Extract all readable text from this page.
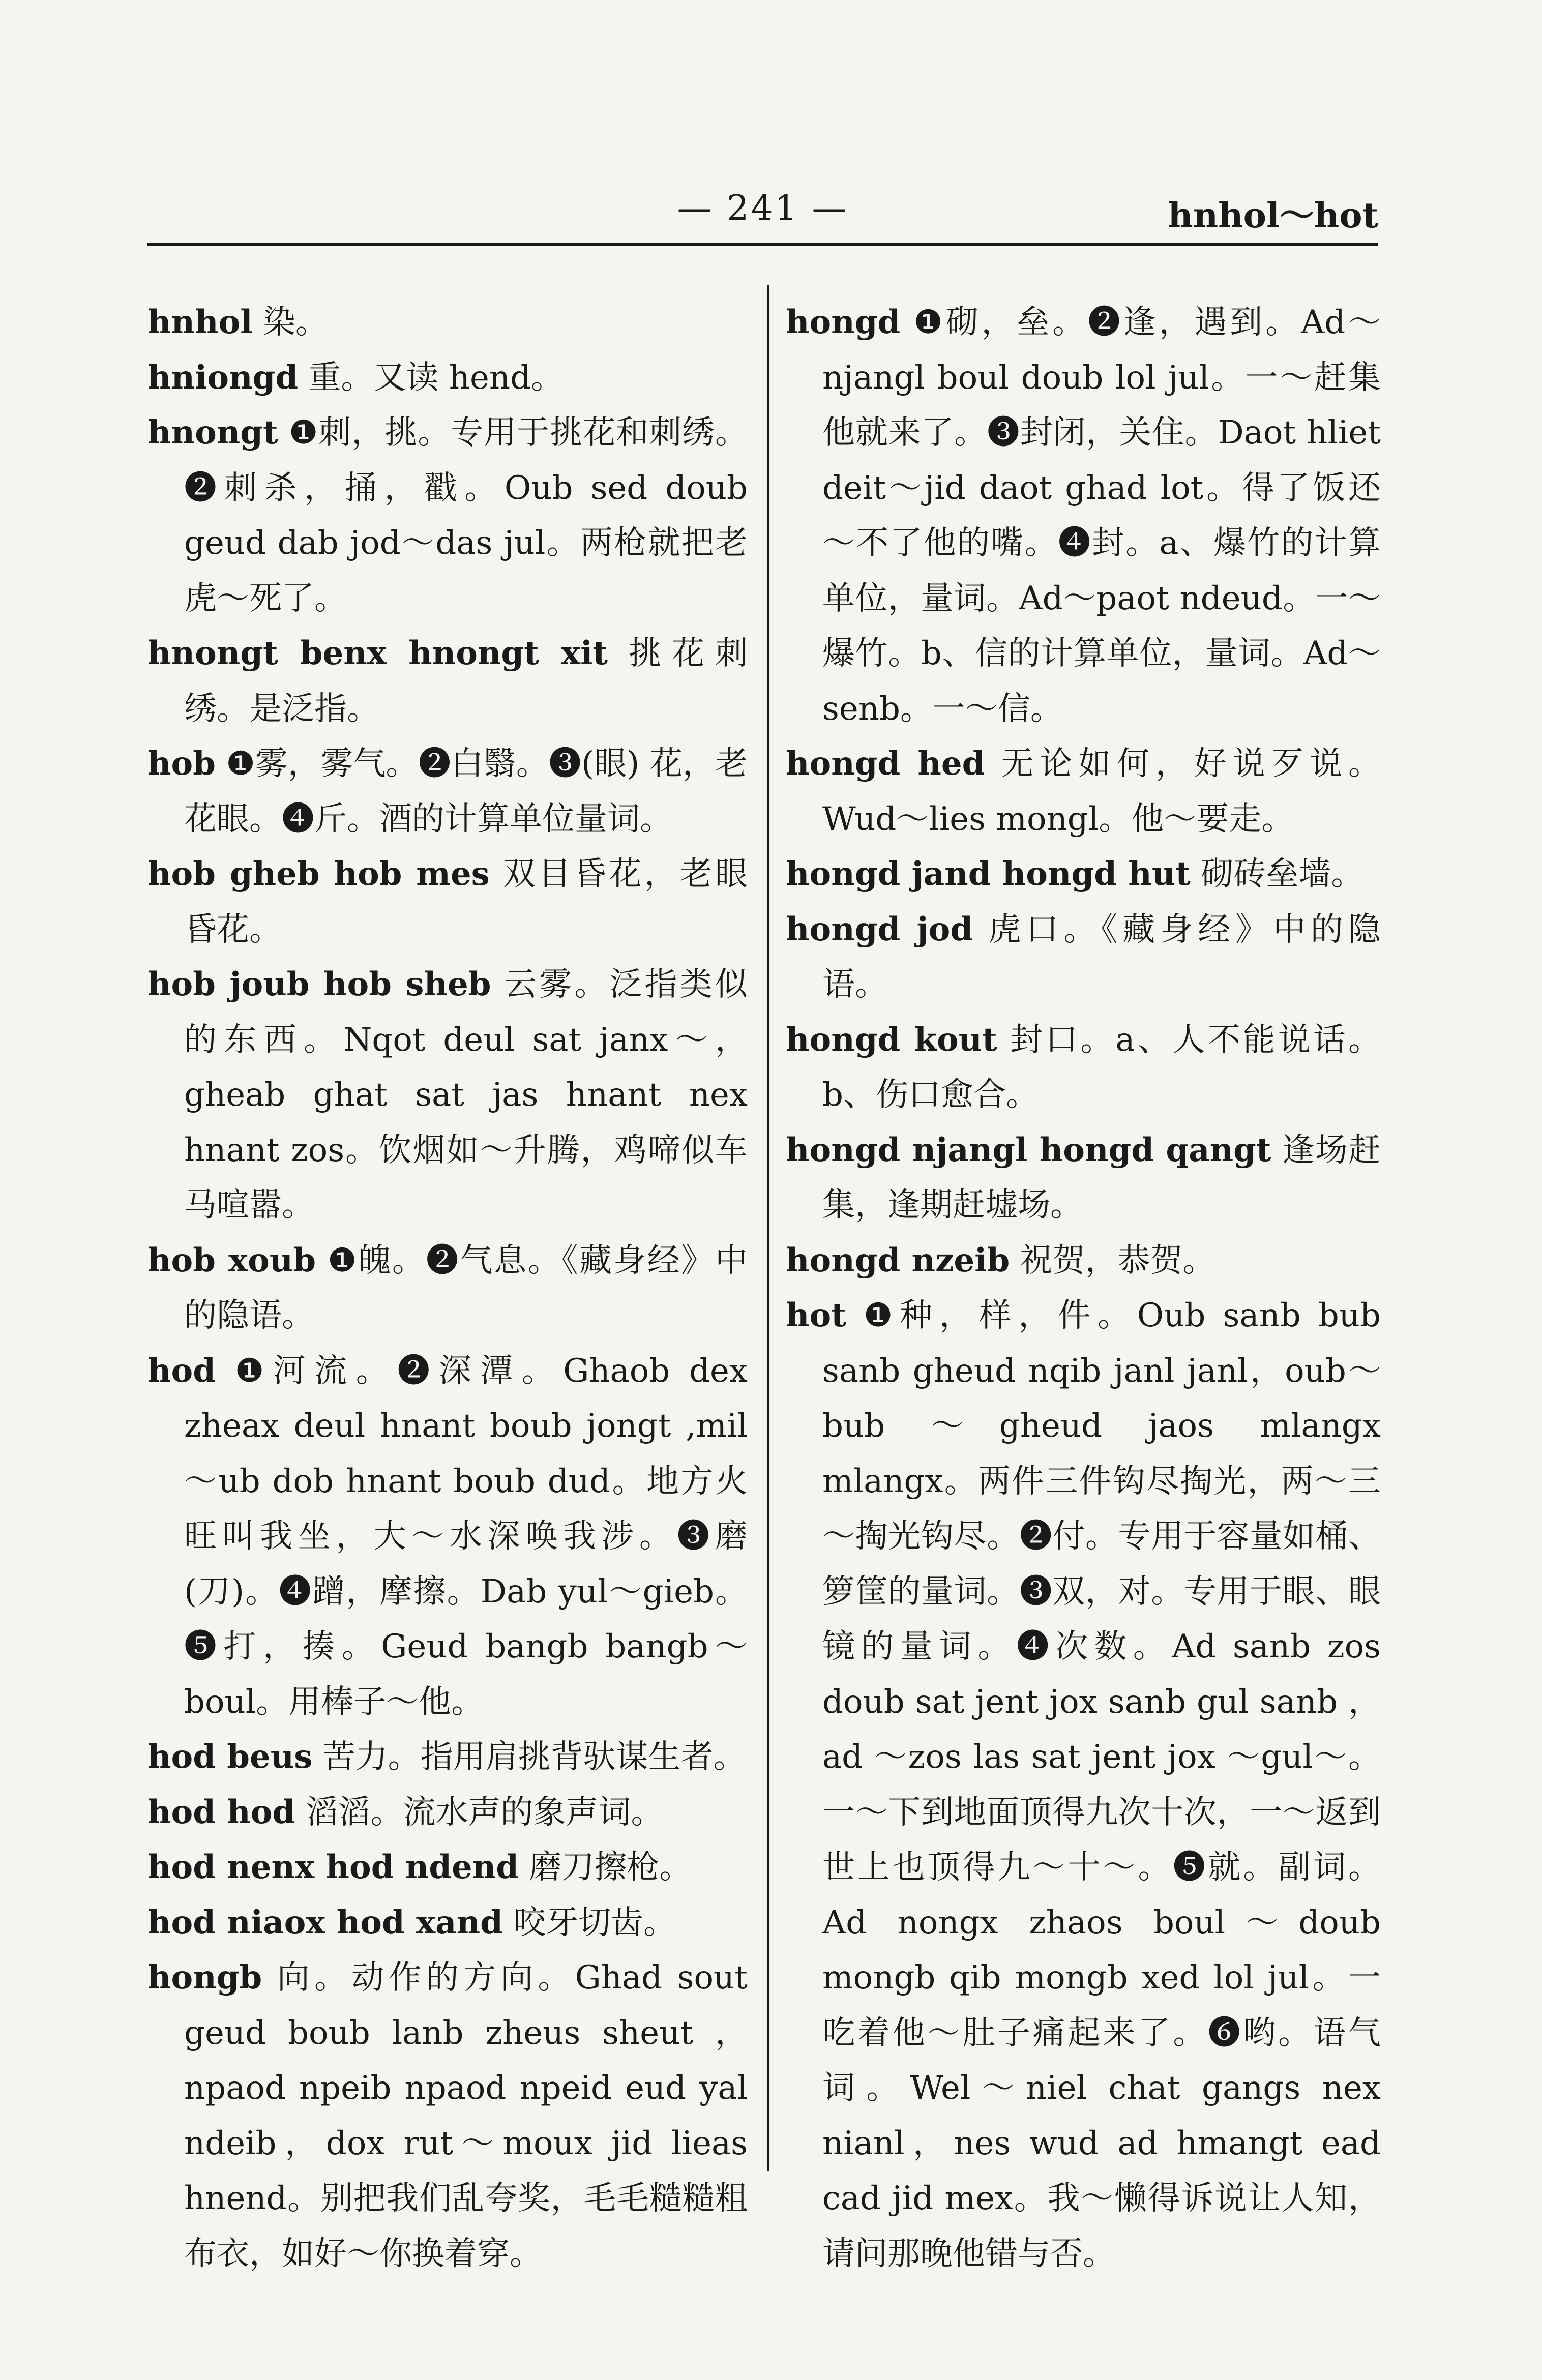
— 241 —	hnhol～hot

hnhol 染。

hniongd 重。又读 hend。

hnongt ❶刺，挑。专用于挑花和刺绣。❷刺杀，捅，戳。Oub sed doub geud dab jod～das jul。两枪就把老虎～死了。

hnongt benx hnongt xit 挑花刺绣。是泛指。

hob ❶雾，雾气。❷白翳。❸(眼) 花，老花眼。❹斤。酒的计算单位量词。

hob gheb hob mes 双目昏花，老眼昏花。

hob joub hob sheb 云雾。泛指类似的东西。Nqot deul sat janx～，gheab ghat sat jas hnant nex hnant zos。饮烟如～升腾，鸡啼似车马喧嚣。

hob xoub ❶魄。❷气息。《藏身经》中的隐语。

hod ❶河流。❷深潭。Ghaob dex zheax deul hnant boub jongt ,mil～ub dob hnant boub dud。地方火旺叫我坐，大～水深唤我涉。❸磨 (刀)。❹蹭，摩擦。Dab yul～gieb。❺打，揍。Geud bangb bangb～boul。用棒子～他。

hod beus 苦力。指用肩挑背驮谋生者。

hod hod 滔滔。流水声的象声词。

hod nenx hod ndend 磨刀擦枪。

hod niaox hod xand 咬牙切齿。

hongb 向。动作的方向。Ghad sout geud boub lanb zheus sheut ，npaod npeib npaod npeid eud yal ndeib，dox rut～moux jid lieas hnend。别把我们乱夸奖，毛毛糙糙粗布衣，如好～你换着穿。

hongd ❶砌，垒。❷逢，遇到。Ad～njangl boul doub lol jul。一～赶集他就来了。❸封闭，关住。Daot hliet deit～jid daot ghad lot。得了饭还～不了他的嘴。❹封。a、爆竹的计算单位，量词。Ad～paot ndeud。一～爆竹。b、信的计算单位，量词。Ad～senb。一～信。

hongd hed 无论如何，好说歹说。Wud～lies mongl。他～要走。

hongd jand hongd hut 砌砖垒墙。

hongd jod 虎口。《藏身经》中的隐语。

hongd kout 封口。a、人不能说话。b、伤口愈合。

hongd njangl hongd qangt 逢场赶集，逢期赶墟场。

hongd nzeib 祝贺，恭贺。

hot ❶种，样，件。Oub sanb bub sanb gheud nqib janl janl，oub～bub ～gheud jaos mlangx mlangx。两件三件钩尽掏光，两～三～掏光钩尽。❷付。专用于容量如桶、箩筐的量词。❸双，对。专用于眼、眼镜的量词。❹次数。Ad sanb zos doub sat jent jox sanb gul sanb ，ad ～zos las sat jent jox ～gul～。一～下到地面顶得九次十次，一～返到世上也顶得九～十～。❺就。副词。Ad nongx zhaos boul～doub mongb qib mongb xed lol jul。一吃着他～肚子痛起来了。❻哟。语气词。Wel～niel chat gangs nex nianl，nes wud ad hmangt ead cad jid mex。我～懒得诉说让人知，请问那晚他错与否。
